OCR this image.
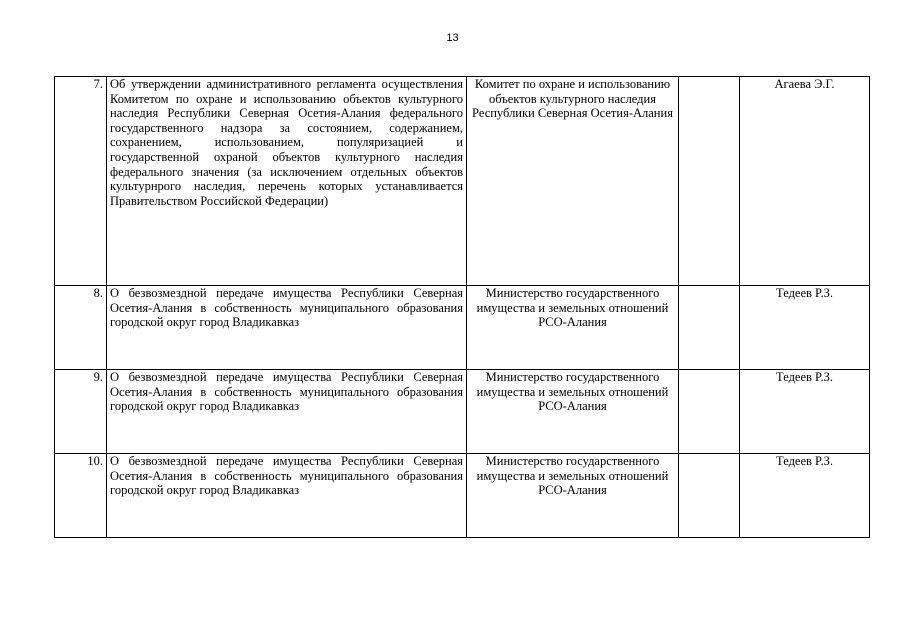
13
7.	Об утверждении административного регламента осуществления Комитетом по охране и использованию объектов культурного наследия Республики Северная Осетия-Алания федерального государственного надзора за состоянием, содержанием, сохранением, использованием, популяризацией и государственной охраной объектов культурного наследия федерального значения (за исключением отдельных объектов культурнрого наследия, перечень которых устанавливается Правительством Российской Федерации)	Комитет по охране и использованию объектов культурного наследия Республики Северная Осетия-Алания		Агаева Э.Г.
8.	О безвозмездной передаче имущества Республики Северная Осетия-Алания в собственность муниципального образования городской округ город Владикавказ	Министерство государственного имущества и земельных отношений РСО-Алания		Тедеев Р.З.
9.	О безвозмездной передаче имущества Республики Северная Осетия-Алания в собственность муниципального образования городской округ город Владикавказ	Министерство государственного имущества и земельных отношений РСО-Алания		Тедеев Р.З.
10.	О безвозмездной передаче имущества Республики Северная Осетия-Алания в собственность муниципального образования городской округ город Владикавказ	Министерство государственного имущества и земельных отношений РСО-Алания		Тедеев Р.З.
